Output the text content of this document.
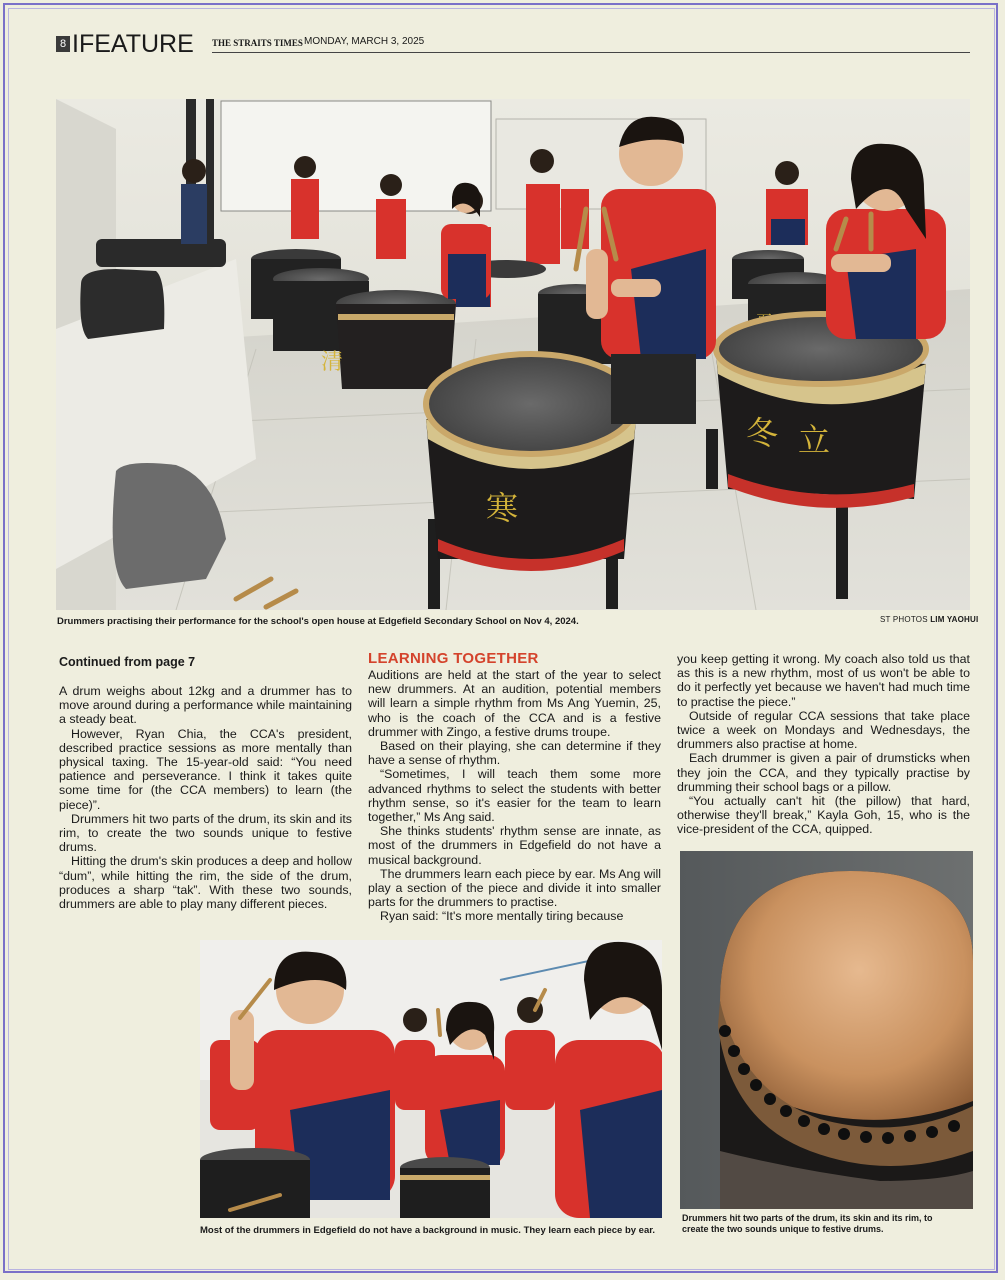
8 IFEATURE THE STRAITS TIMES MONDAY, MARCH 3, 2025
清
寒
冬 立
Drummers practising their performance for the school's open house at Edgefield Secondary School on Nov 4, 2024.	ST PHOTOS LIM YAOHUI
Continued from page 7

A drum weighs about 12kg and a drummer has to move around during a performance while maintaining a steady beat.

However, Ryan Chia, the CCA's president, described practice sessions as more mentally than physical taxing. The 15-year-old said: “You need patience and perseverance. I think it takes quite some time for (the CCA members) to learn (the piece)”.

Drummers hit two parts of the drum, its skin and its rim, to create the two sounds unique to festive drums.

Hitting the drum's skin produces a deep and hollow “dum”, while hitting the rim, the side of the drum, produces a sharp “tak”. With these two sounds, drummers are able to play many different pieces.

LEARNING TOGETHER

Auditions are held at the start of the year to select new drummers. At an audition, potential members will learn a simple rhythm from Ms Ang Yuemin, 25, who is the coach of the CCA and is a festive drummer with Zingo, a festive drums troupe.

Based on their playing, she can determine if they have a sense of rhythm.

“Sometimes, I will teach them some more advanced rhythms to select the students with better rhythm sense, so it's easier for the team to learn together,” Ms Ang said.

She thinks students' rhythm sense are innate, as most of the drummers in Edgefield do not have a musical background.

The drummers learn each piece by ear. Ms Ang will play a section of the piece and divide it into smaller parts for the drummers to practise.

Ryan said: “It's more mentally tiring because

you keep getting it wrong. My coach also told us that as this is a new rhythm, most of us won't be able to do it perfectly yet because we haven't had much time to practise the piece.”

Outside of regular CCA sessions that take place twice a week on Mondays and Wednesdays, the drummers also practise at home.

Each drummer is given a pair of drumsticks when they join the CCA, and they typically practise by drumming their school bags or a pillow.

“You actually can't hit (the pillow) that hard, otherwise they'll break,” Kayla Goh, 15, who is the vice-president of the CCA, quipped.

Most of the drummers in Edgefield do not have a background in music. They learn each piece by ear.
Drummers hit two parts of the drum, its skin and its rim, to
create the two sounds unique to festive drums.
